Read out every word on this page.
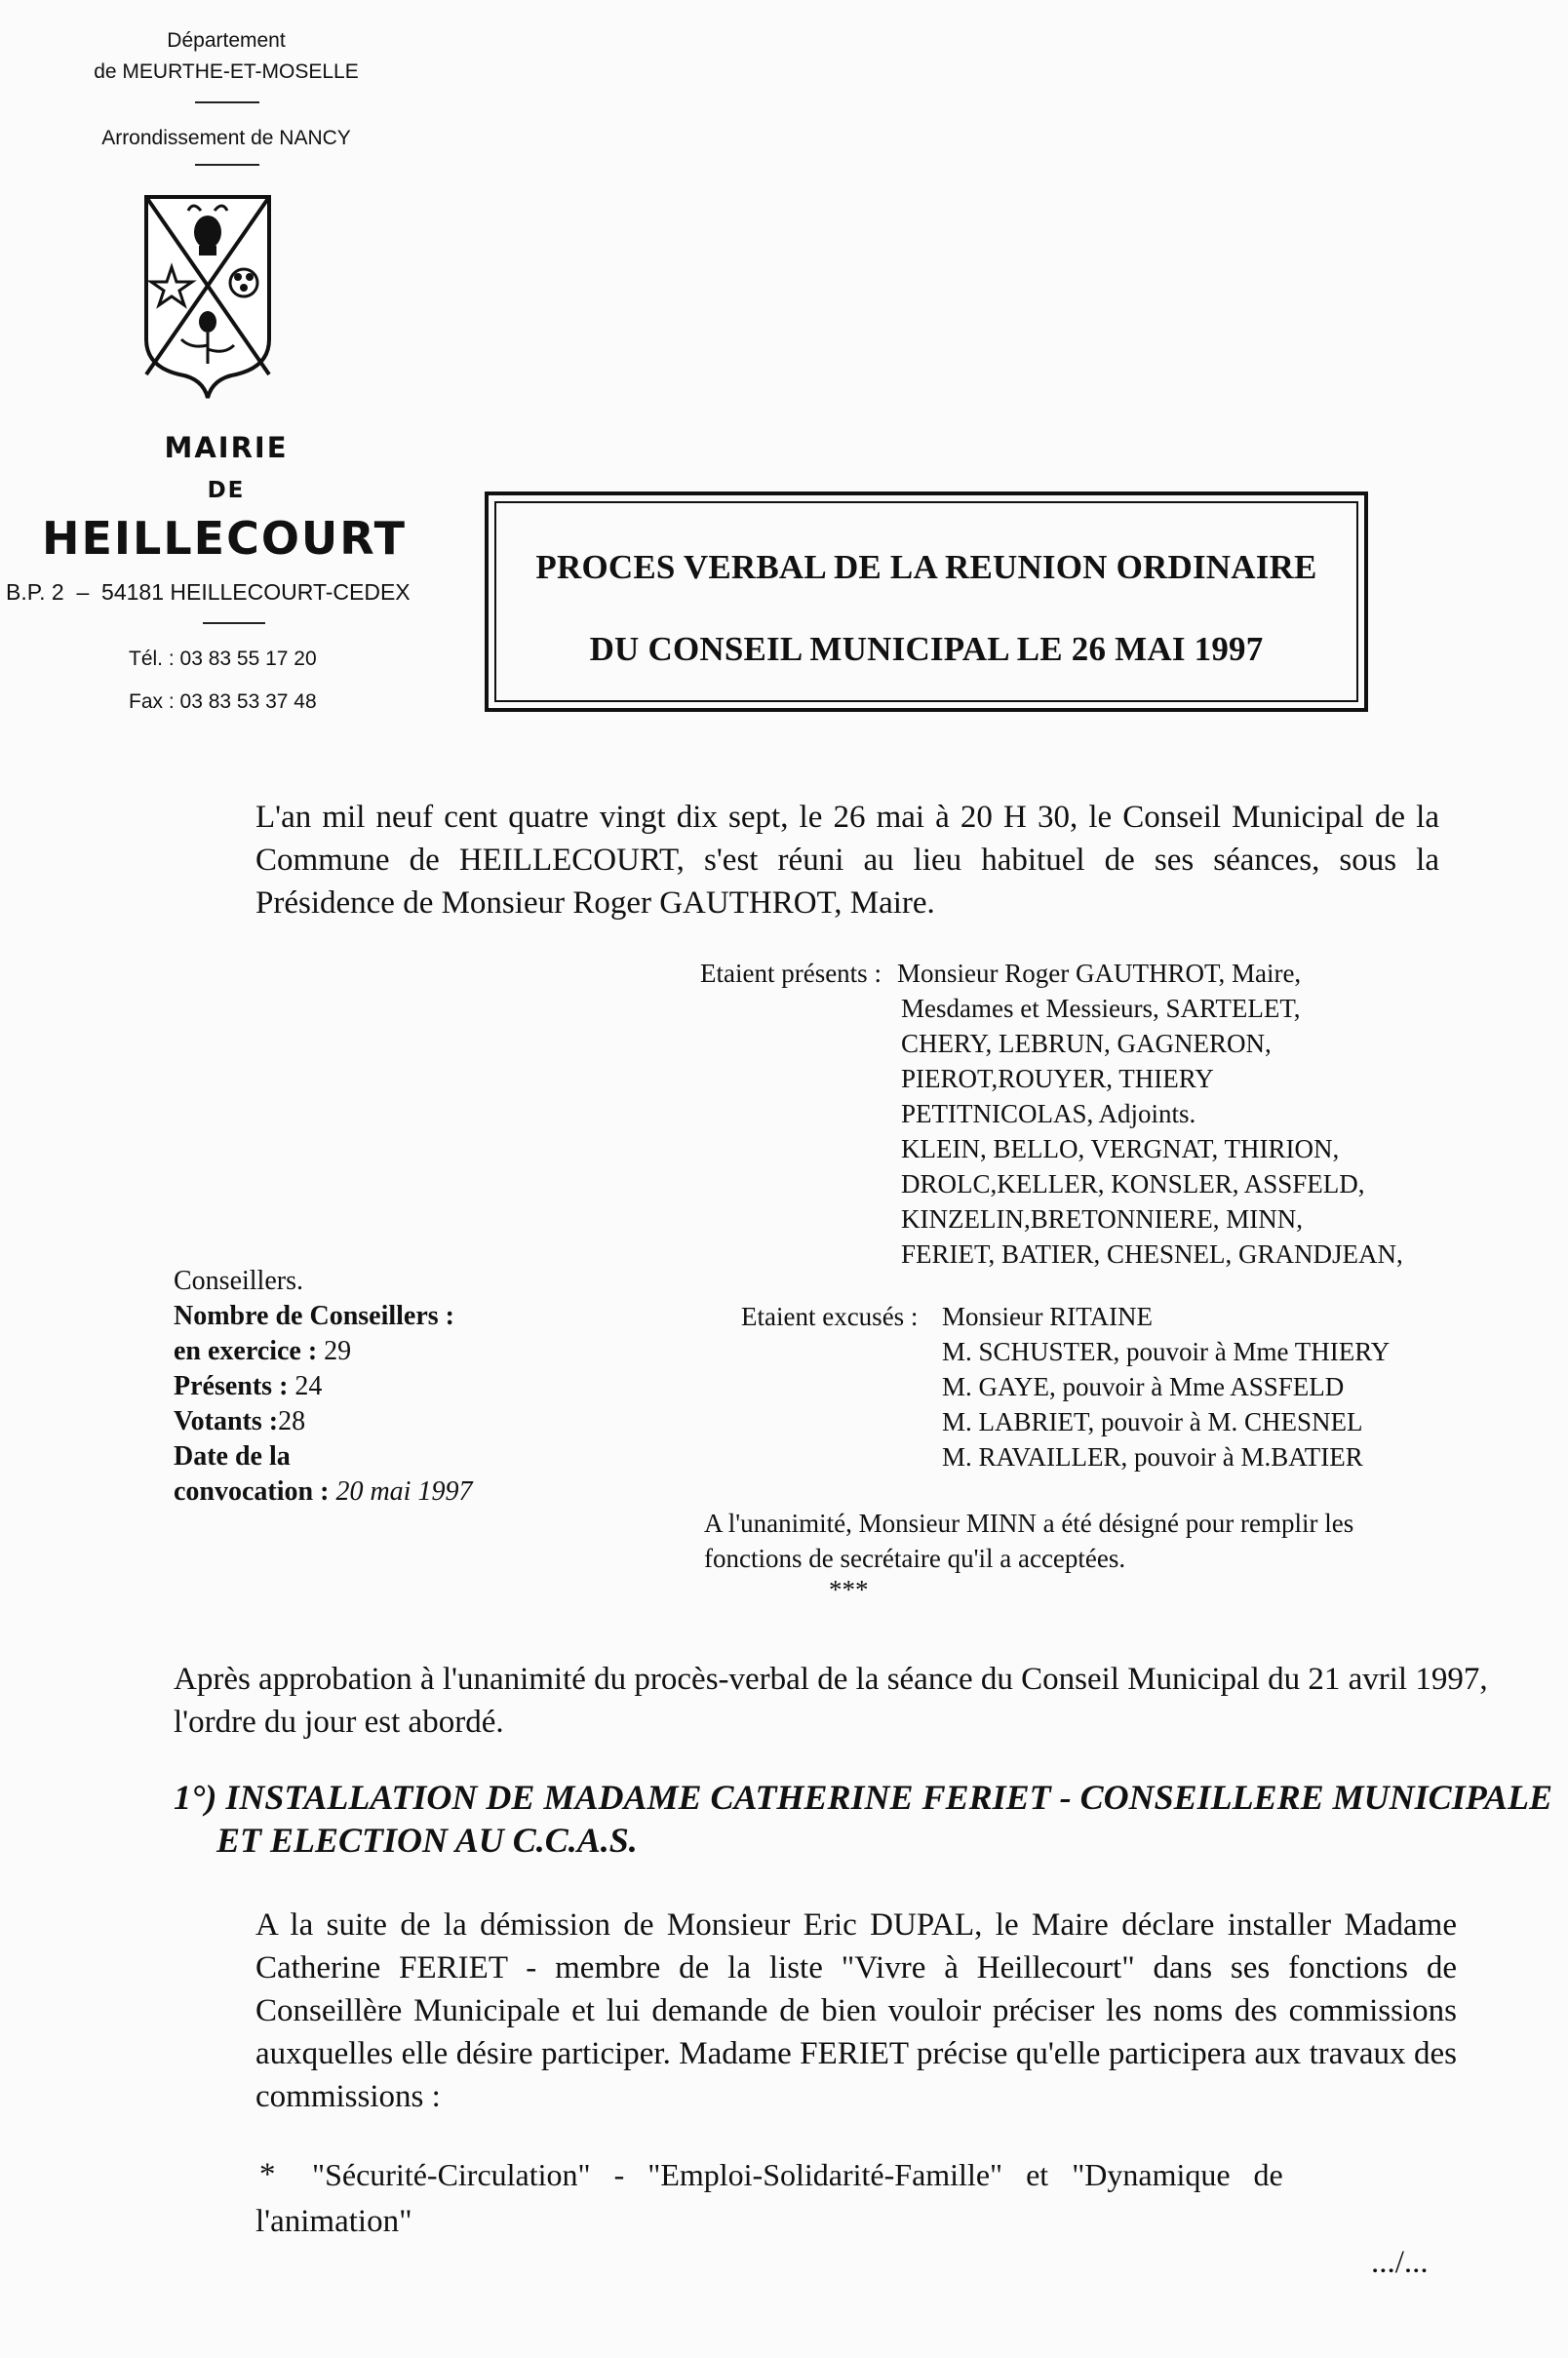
Département
de MEURTHE-ET-MOSELLE
Arrondissement de NANCY
MAIRIE
DE
HEILLECOURT
B.P. 2  –  54181 HEILLECOURT-CEDEX
Tél. : 03 83 55 17 20
Fax : 03 83 53 37 48
PROCES VERBAL DE LA REUNION ORDINAIRE
DU CONSEIL MUNICIPAL LE 26 MAI 1997
L'an mil neuf cent quatre vingt dix sept, le 26 mai à 20 H 30, le Conseil Municipal de la Commune de HEILLECOURT, s'est réuni au lieu habituel de ses séances, sous la Présidence de Monsieur Roger GAUTHROT, Maire.
Etaient présents : Monsieur Roger GAUTHROT, Maire,
Mesdames et Messieurs, SARTELET,
CHERY, LEBRUN, GAGNERON,
PIEROT,ROUYER, THIERY
PETITNICOLAS, Adjoints.
KLEIN, BELLO, VERGNAT, THIRION,
DROLC,KELLER, KONSLER, ASSFELD,
KINZELIN,BRETONNIERE, MINN,
FERIET, BATIER, CHESNEL, GRANDJEAN,
Conseillers.
Nombre de Conseillers :
en exercice : 29
Présents : 24
Votants :28
Date de la
convocation : 20 mai 1997
Etaient excusés : Monsieur RITAINE
M. SCHUSTER, pouvoir à Mme THIERY
M. GAYE, pouvoir à Mme ASSFELD
M. LABRIET, pouvoir à M. CHESNEL
M. RAVAILLER, pouvoir à M.BATIER
A l'unanimité, Monsieur MINN a été désigné pour remplir les
fonctions de secrétaire qu'il a acceptées.
***
Après approbation à l'unanimité du procès-verbal de la séance du Conseil Municipal du 21 avril 1997, l'ordre du jour est abordé.
1°) INSTALLATION DE MADAME CATHERINE FERIET - CONSEILLERE MUNICIPALE
ET ELECTION AU C.C.A.S.
A la suite de la démission de Monsieur Eric DUPAL, le Maire déclare installer Madame Catherine FERIET - membre de la liste "Vivre à Heillecourt" dans ses fonctions de Conseillère Municipale et lui demande de bien vouloir préciser les noms des commissions auxquelles elle désire participer. Madame FERIET précise qu'elle participera aux travaux des commissions :
* "Sécurité-Circulation"   -   "Emploi-Solidarité-Famille"   et   "Dynamique   de
l'animation"
.../...
